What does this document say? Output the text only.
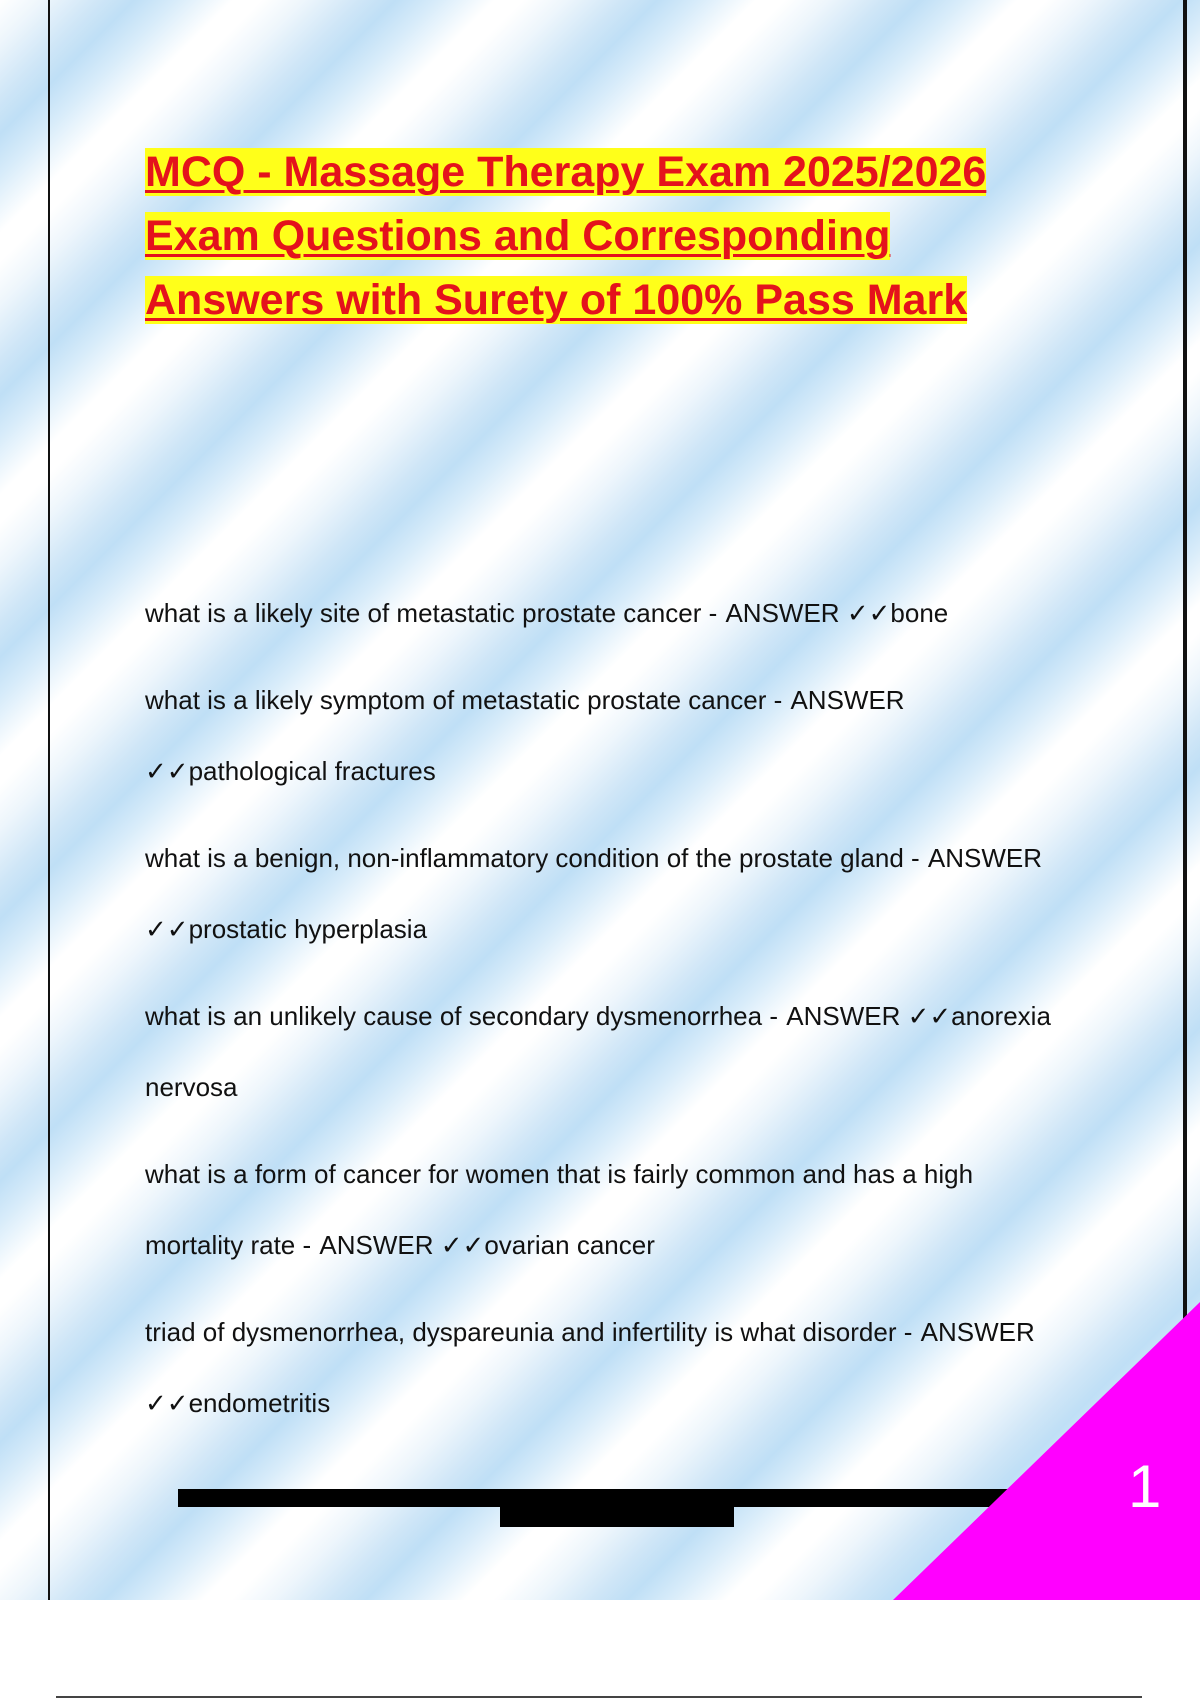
MCQ - Massage Therapy Exam 2025/2026 Exam Questions and Corresponding Answers with Surety of 100% Pass Mark
what is a likely site of metastatic prostate cancer - ANSWER ✓✓bone
what is a likely symptom of metastatic prostate cancer - ANSWER ✓✓pathological fractures
what is a benign, non-inflammatory condition of the prostate gland - ANSWER ✓✓prostatic hyperplasia
what is an unlikely cause of secondary dysmenorrhea - ANSWER ✓✓anorexia nervosa
what is a form of cancer for women that is fairly common and has a high mortality rate - ANSWER ✓✓ovarian cancer
triad of dysmenorrhea, dyspareunia and infertility is what disorder - ANSWER ✓✓endometritis
1
